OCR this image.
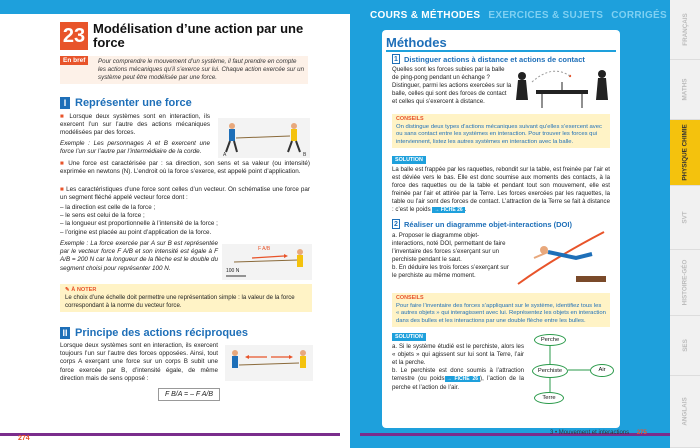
23 Modélisation d’une action par une force
Pour comprendre le mouvement d’un système, il faut prendre en compte les actions mécaniques qu’il s’exerce sur lui. Chaque action exercée sur un système peut être modélisée par une force.
En bref
I Représenter une force
■ Lorsque deux systèmes sont en interaction, ils exercent l’un sur l’autre des actions mécaniques modélisées par des forces.
Exemple : Les personnages A et B exercent une force l’un sur l’autre par l’intermédiaire de la corde.	A	B
■ Une force est caractérisée par : sa direction, son sens et sa valeur (ou intensité) exprimée en newtons (N). L’endroit où la force s’exerce, est appelé point d’application.
■ Les caractéristiques d’une force sont celles d’un vecteur. On schématise une force par un segment fléché appelé vecteur force dont :
– la direction est celle de la force ;
– le sens est celui de la force ;
– la longueur est proportionnelle à l’intensité de la force ;
– l’origine est placée au point d’application de la force.
Exemple : La force exercée par A sur B est représentée par le vecteur force F A/B et son intensité est égale à F A/B = 200 N car la longueur de la flèche est le double du segment choisi pour représenter 100 N.	100 N
F A/B
✎ À NOTER
Le choix d’une échelle doit permettre une représentation simple : la valeur de la force correspondant à la norme du vecteur force.
II Principe des actions réciproques
Lorsque deux systèmes sont en interaction, ils exercent toujours l’un sur l’autre des forces opposées. Ainsi, tout corps A exerçant une force sur un corps B subit une force exercée par B, d’intensité égale, de même direction mais de sens opposé :
F B/A = – F A/B
274
COURS & MÉTHODES EXERCICES & SUJETS CORRIGÉS
Méthodes
1 Distinguer actions à distance et actions de contact
Quelles sont les forces subies par la balle de ping-pong pendant un échange ? Distinguer, parmi les actions exercées sur la balle, celles qui sont des forces de contact et celles qui s’exercent à distance.
CONSEILS
On distingue deux types d’actions mécaniques suivant qu’elles s’exercent avec ou sans contact entre les systèmes en interaction. Pour trouver les forces qui interviennent, listez les autres systèmes en interaction avec la balle.
SOLUTION
La balle est frappée par les raquettes, rebondit sur la table, est freinée par l’air et est déviée vers le bas. Elle est donc soumise aux moments des contacts, à la force des raquettes ou de la table et pendant tout son mouvement, elle est freinée par l’air et attirée par la Terre. Les forces exercées par les raquettes, la table ou l’air sont des forces de contact. L’attraction de la Terre se fait à distance : c’est le poids → FICHE 26 .
2 Réaliser un diagramme objet-interactions (DOI)
a. Proposer le diagramme objet-interactions, noté DOI, permettant de faire l’inventaire des forces s’exerçant sur un perchiste pendant le saut.
b. En déduire les trois forces s’exerçant sur le perchiste au même moment.
CONSEILS
Pour faire l’inventaire des forces s’appliquant sur le système, identifiez tous les « autres objets » qui interagissent avec lui. Représentez les objets en interaction dans des bulles et les interactions par une double flèche entre les bulles.
SOLUTION
a. Si le système étudié est le perchiste, alors les « objets » qui agissent sur lui sont la Terre, l’air et la perche.
b. Le perchiste est donc soumis à l’attraction terrestre (ou poids → FICHE 26 ), l’action de la perche et l’action de l’air.
Perche
Perchiste	Air
Terre
3 • Mouvement et interactions 275
FRANÇAIS
MATHS
PHYSIQUE CHIMIE
SVT
HISTOIRE-GÉO
SES
ANGLAIS
